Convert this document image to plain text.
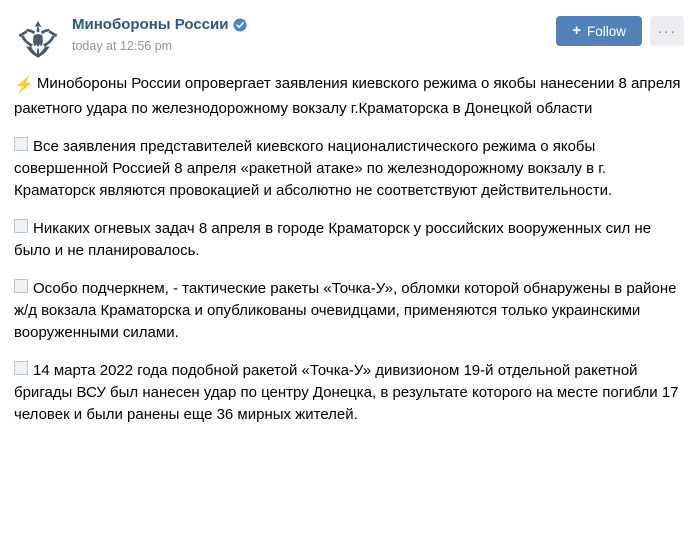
Минобороны России
today at 12:56 pm
+ Follow ···

⚡ Минобороны России опровергает заявления киевского режима о якобы нанесении 8 апреля ракетного удара по железнодорожному вокзалу г.Краматорска в Донецкой области

Все заявления представителей киевского националистического режима о якобы совершенной Россией 8 апреля «ракетной атаке» по железнодорожному вокзалу в г. Краматорск являются провокацией и абсолютно не соответствуют действительности.

Никаких огневых задач 8 апреля в городе Краматорск у российских вооруженных сил не было и не планировалось.

Особо подчеркнем, - тактические ракеты «Точка-У», обломки которой обнаружены в районе ж/д вокзала Краматорска и опубликованы очевидцами, применяются только украинскими вооруженными силами.

14 марта 2022 года подобной ракетой «Точка-У» дивизионом 19-й отдельной ракетной бригады ВСУ был нанесен удар по центру Донецка, в результате которого на месте погибли 17 человек и были ранены еще 36 мирных жителей.
